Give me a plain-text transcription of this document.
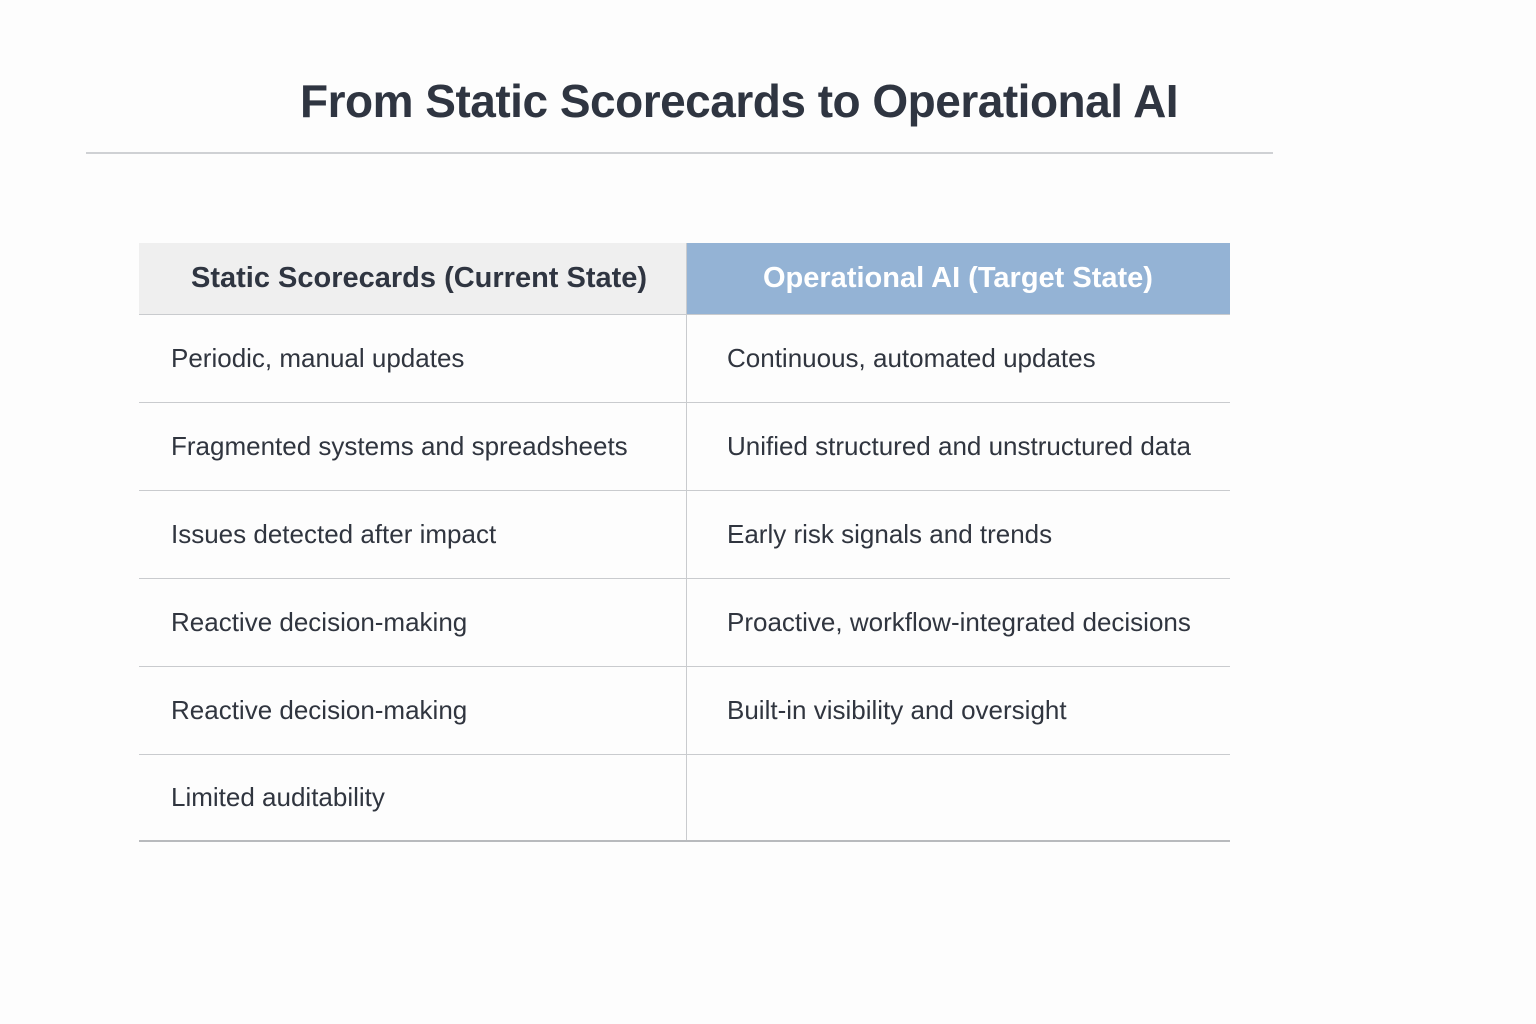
From Static Scorecards to Operational AI
Static Scorecards (Current State)	Operational AI (Target State)
Periodic, manual updates	Continuous, automated updates
Fragmented systems and spreadsheets	Unified structured and unstructured data
Issues detected after impact	Early risk signals and trends
Reactive decision-making	Proactive, workflow-integrated decisions
Reactive decision-making	Built-in visibility and oversight
Limited auditability
